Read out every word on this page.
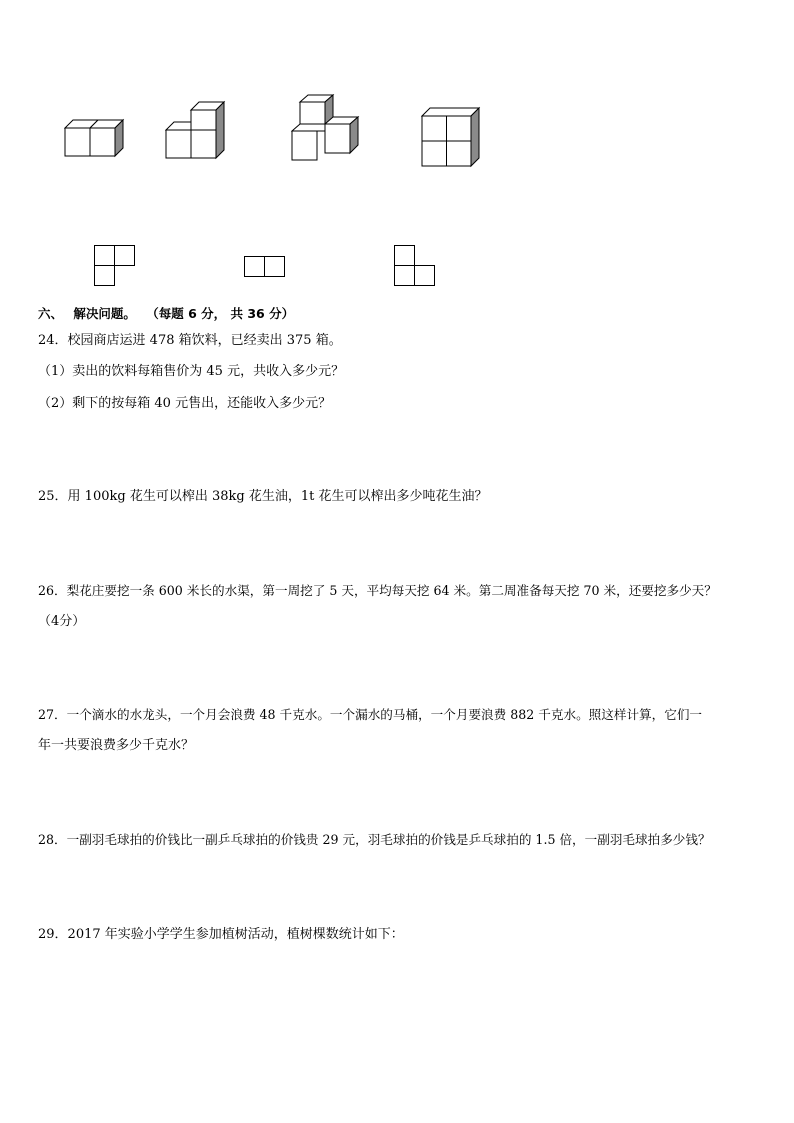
六、 解决问题。 （每题 6 分， 共 36 分）
24．校园商店运进 478 箱饮料，已经卖出 375 箱。
（1）卖出的饮料每箱售价为 45 元，共收入多少元？
（2）剩下的按每箱 40 元售出，还能收入多少元？
25．用 100kg 花生可以榨出 38kg 花生油，1t 花生可以榨出多少吨花生油？
26．梨花庄要挖一条 600 米长的水渠，第一周挖了 5 天，平均每天挖 64 米。第二周准备每天挖 70 米，还要挖多少天？
（4分）
27．一个滴水的水龙头，一个月会浪费 48 千克水。一个漏水的马桶，一个月要浪费 882 千克水。照这样计算，它们一
年一共要浪费多少千克水？
28．一副羽毛球拍的价钱比一副乒乓球拍的价钱贵 29 元，羽毛球拍的价钱是乒乓球拍的 1.5 倍，一副羽毛球拍多少钱？
29．2017 年实验小学学生参加植树活动，植树棵数统计如下：
